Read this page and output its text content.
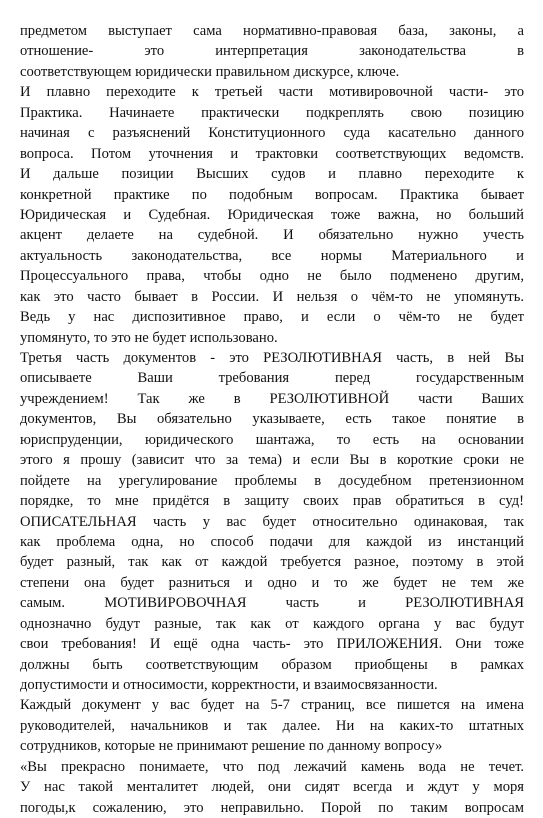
предметом выступает сама нормативно-правовая база, законы, а
отношение- это интерпретация законодательства в
соответствующем юридически правильном дискурсе, ключе.
И плавно переходите к третьей части мотивировочной части- это
Практика. Начинаете практически подкреплять свою позицию
начиная с разъяснений Конституционного суда касательно данного
вопроса. Потом уточнения и трактовки соответствующих ведомств.
И дальше позиции Высших судов и плавно переходите к
конкретной практике по подобным вопросам. Практика бывает
Юридическая и Судебная. Юридическая тоже важна, но больший
акцент делаете на судебной. И обязательно нужно учесть
актуальность законодательства, все нормы Материального и
Процессуального права, чтобы одно не было подменено другим,
как это часто бывает в России. И нельзя о чём-то не упомянуть.
Ведь у нас диспозитивное право, и если о чём-то не будет
упомянуто, то это не будет использовано.
Третья часть документов - это РЕЗОЛЮТИВНАЯ часть, в ней Вы
описываете Ваши требования перед государственным
учреждением! Так же в РЕЗОЛЮТИВНОЙ части Ваших
документов, Вы обязательно указываете, есть такое понятие в
юриспруденции, юридического шантажа, то есть на основании
этого я прошу (зависит что за тема) и если Вы в короткие сроки не
пойдете на урегулирование проблемы в досудебном претензионном
порядке, то мне придётся в защиту своих прав обратиться в суд!
ОПИСАТЕЛЬНАЯ часть у вас будет относительно одинаковая, так
как проблема одна, но способ подачи для каждой из инстанций
будет разный, так как от каждой требуется разное, поэтому в этой
степени она будет разниться и одно и то же будет не тем же
самым. МОТИВИРОВОЧНАЯ часть и РЕЗОЛЮТИВНАЯ
однозначно будут разные, так как от каждого органа у вас будут
свои требования! И ещё одна часть- это ПРИЛОЖЕНИЯ. Они тоже
должны быть соответствующим образом приобщены в рамках
допустимости и относимости, корректности, и взаимосвязанности.
Каждый документ у вас будет на 5-7 страниц, все пишется на имена
руководителей, начальников и так далее. Ни на каких-то штатных
сотрудников, которые не принимают решение по данному вопросу»
«Вы прекрасно понимаете, что под лежачий камень вода не течет.
У нас такой менталитет людей, они сидят всегда и ждут у моря
погоды,к сожалению, это неправильно. Порой по таким вопросам
